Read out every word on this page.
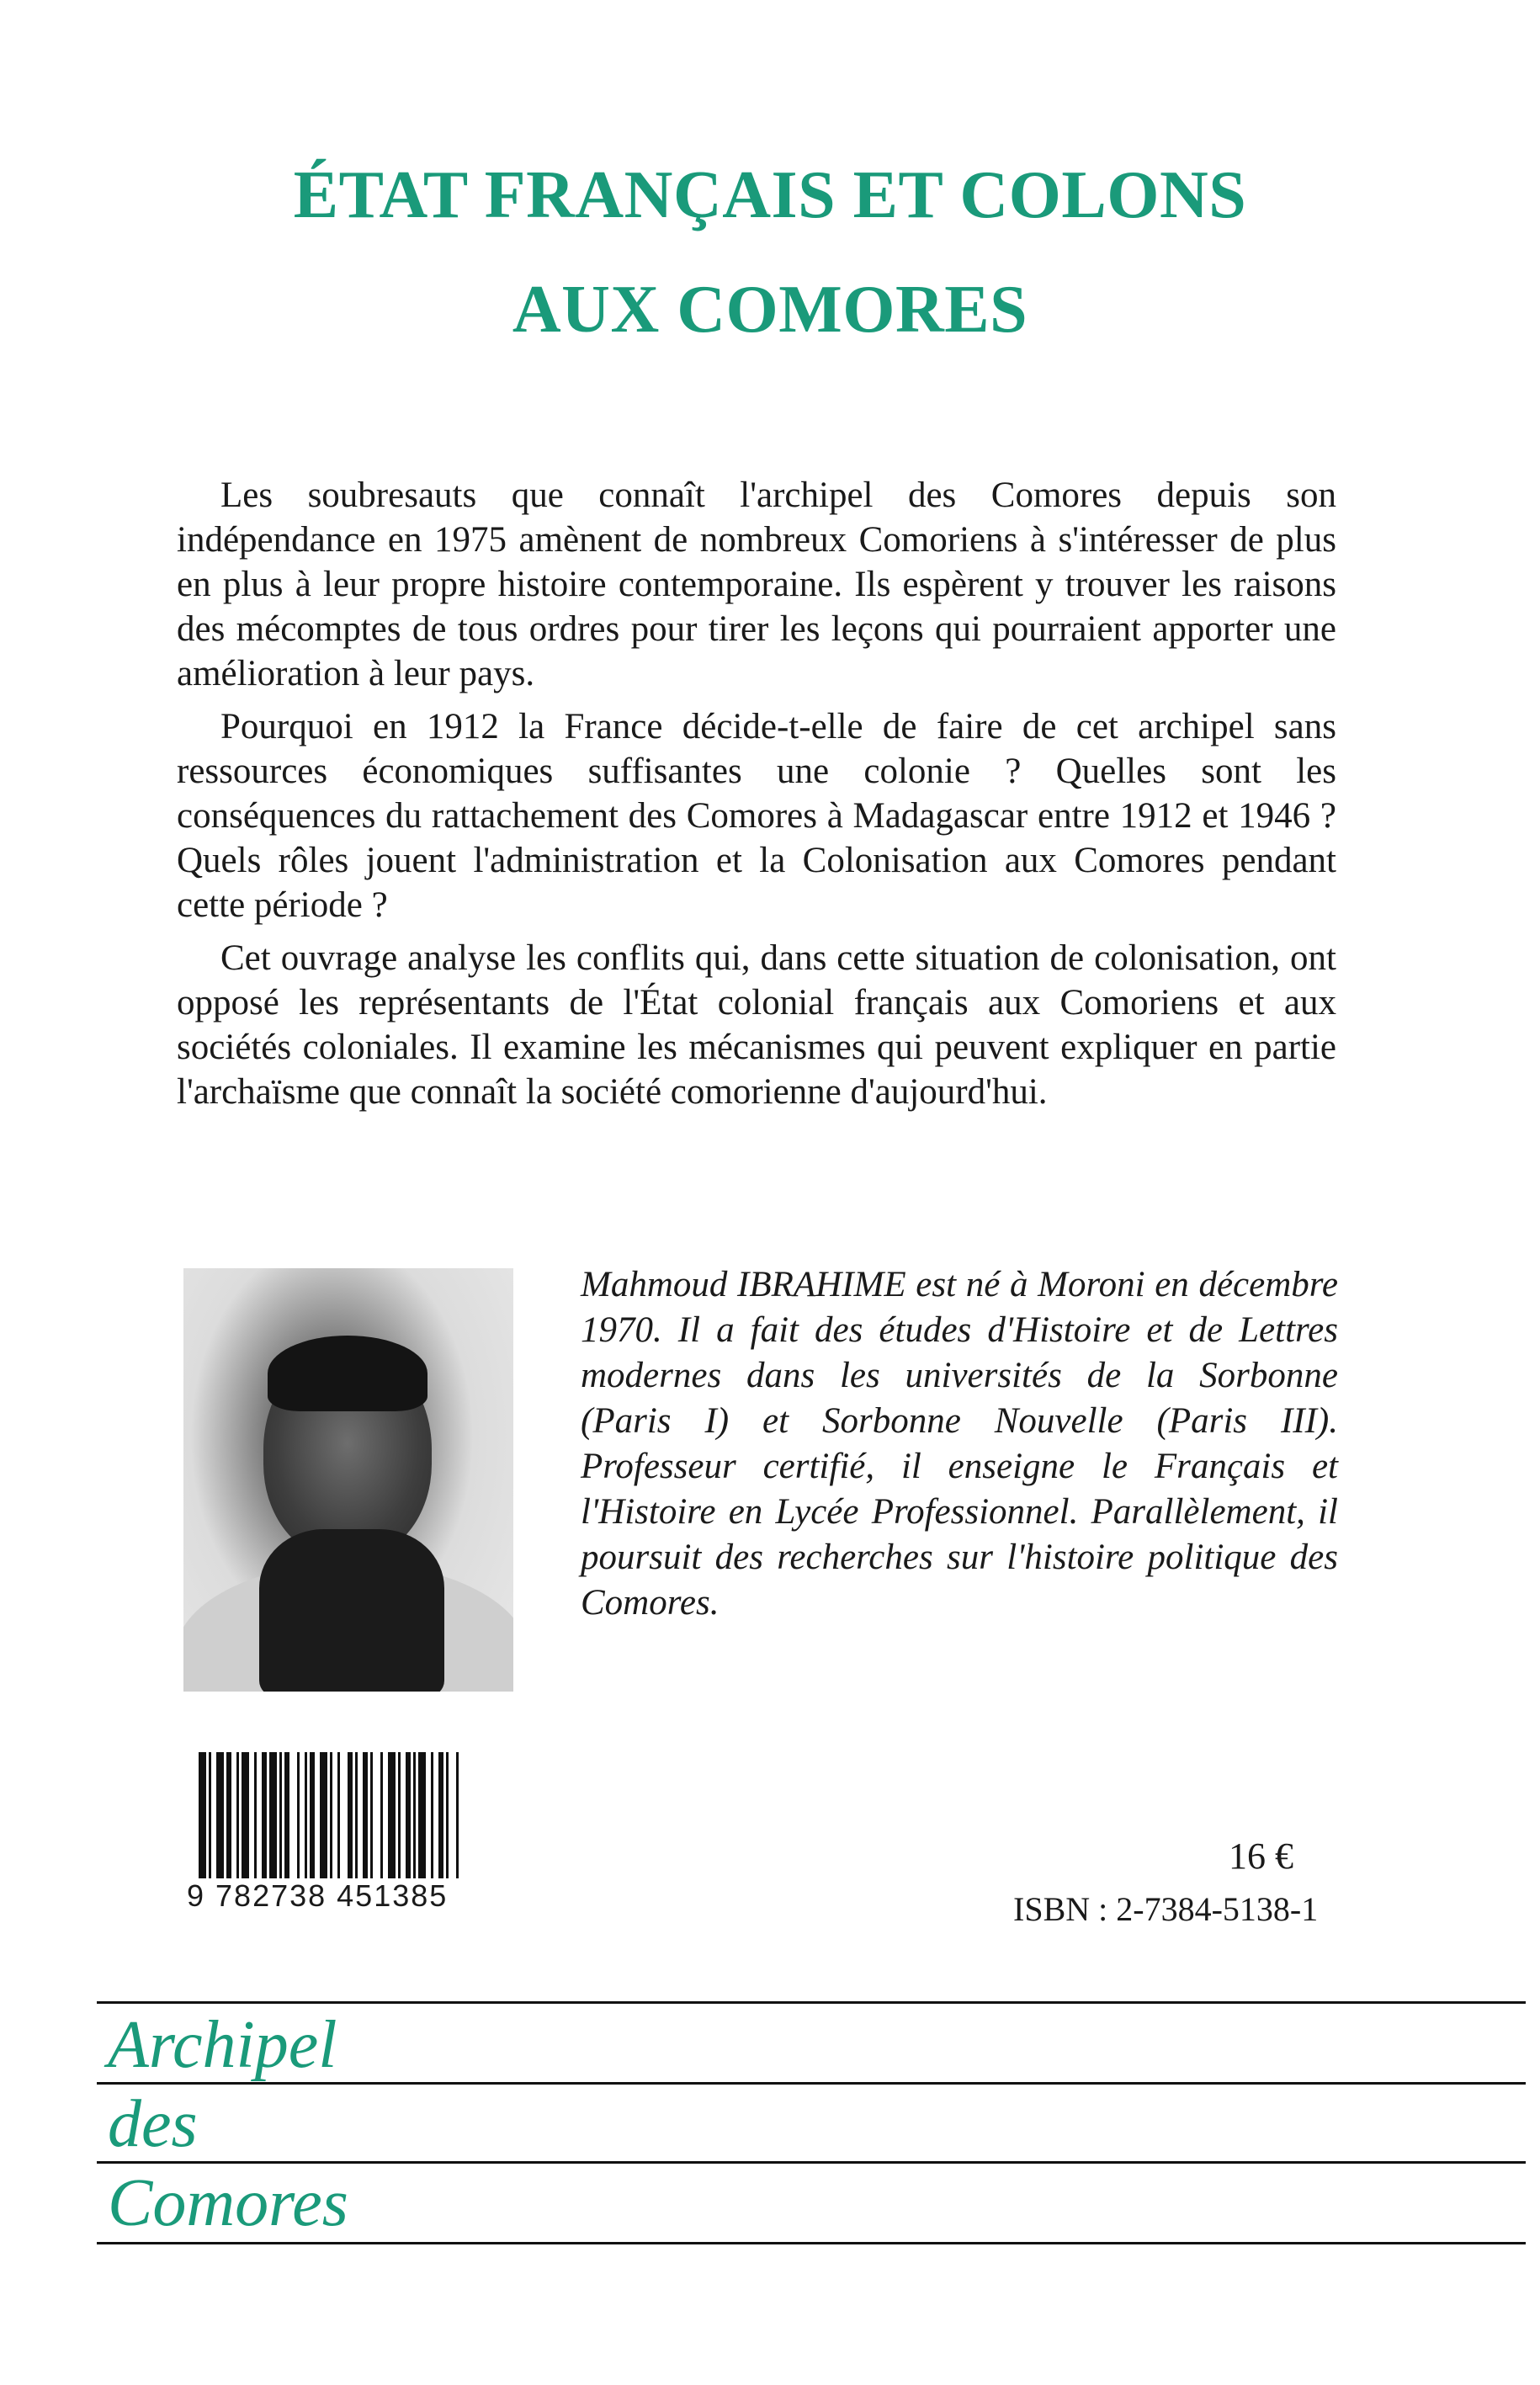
ÉTAT FRANÇAIS ET COLONS
AUX COMORES

Les soubresauts que connaît l'archipel des Comores depuis son indépendance en 1975 amènent de nombreux Comoriens à s'intéresser de plus en plus à leur propre histoire contemporaine. Ils espèrent y trouver les raisons des mécomptes de tous ordres pour tirer les leçons qui pourraient apporter une amélioration à leur pays.

Pourquoi en 1912 la France décide-t-elle de faire de cet archipel sans ressources économiques suffisantes une colonie ? Quelles sont les conséquences du rattachement des Comores à Madagascar entre 1912 et 1946 ? Quels rôles jouent l'administration et la Colonisation aux Comores pendant cette période ?

Cet ouvrage analyse les conflits qui, dans cette situation de colonisation, ont opposé les représentants de l'État colonial français aux Comoriens et aux sociétés coloniales. Il examine les mécanismes qui peuvent expliquer en partie l'archaïsme que connaît la société comorienne d'aujourd'hui.

Mahmoud IBRAHIME est né à Moroni en décembre 1970. Il a fait des études d'Histoire et de Lettres modernes dans les universités de la Sorbonne (Paris I) et Sorbonne Nouvelle (Paris III). Professeur certifié, il enseigne le Français et l'Histoire en Lycée Professionnel. Parallèlement, il poursuit des recherches sur l'histoire politique des Comores.
9 782738 451385
16 €
ISBN : 2-7384-5138-1
Archipel
des
Comores
